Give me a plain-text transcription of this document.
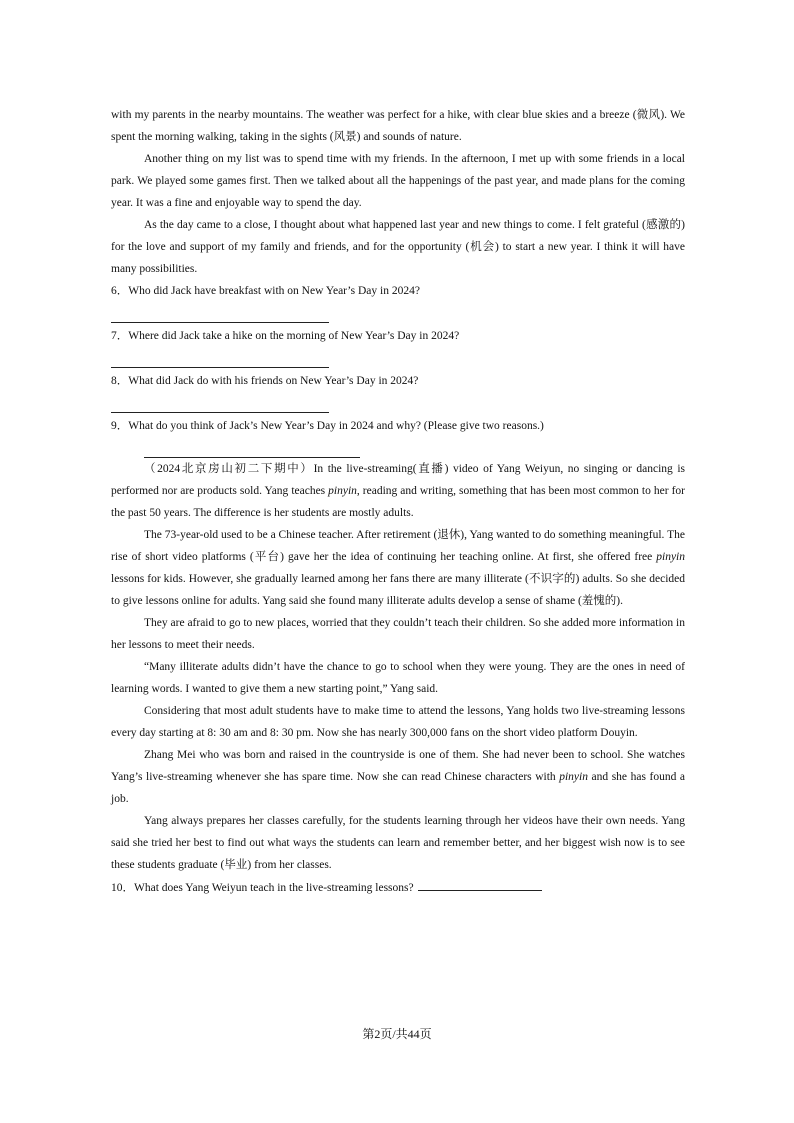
with my parents in the nearby mountains. The weather was perfect for a hike, with clear blue skies and a breeze (微风). We spent the morning walking, taking in the sights (风景) and sounds of nature.

Another thing on my list was to spend time with my friends. In the afternoon, I met up with some friends in a local park. We played some games first. Then we talked about all the happenings of the past year, and made plans for the coming year. It was a fine and enjoyable way to spend the day.

As the day came to a close, I thought about what happened last year and new things to come. I felt grateful (感激的) for the love and support of my family and friends, and for the opportunity (机会) to start a new year. I think it will have many possibilities.

6．Who did Jack have breakfast with on New Year’s Day in 2024?

7．Where did Jack take a hike on the morning of New Year’s Day in 2024?

8．What did Jack do with his friends on New Year’s Day in 2024?

9．What do you think of Jack’s New Year’s Day in 2024 and why? (Please give two reasons.)

（2024北京房山初二下期中）In the live-streaming(直播) video of Yang Weiyun, no singing or dancing is performed nor are products sold. Yang teaches pinyin, reading and writing, something that has been most common to her for the past 50 years. The difference is her students are mostly adults.

The 73-year-old used to be a Chinese teacher. After retirement (退休), Yang wanted to do something meaningful. The rise of short video platforms (平台) gave her the idea of continuing her teaching online. At first, she offered free pinyin lessons for kids. However, she gradually learned among her fans there are many illiterate (不识字的) adults. So she decided to give lessons online for adults. Yang said she found many illiterate adults develop a sense of shame (羞愧的).

They are afraid to go to new places, worried that they couldn’t teach their children. So she added more information in her lessons to meet their needs.

“Many illiterate adults didn’t have the chance to go to school when they were young. They are the ones in need of learning words. I wanted to give them a new starting point,” Yang said.

Considering that most adult students have to make time to attend the lessons, Yang holds two live-streaming lessons every day starting at 8: 30 am and 8: 30 pm. Now she has nearly 300,000 fans on the short video platform Douyin.

Zhang Mei who was born and raised in the countryside is one of them. She had never been to school. She watches Yang’s live-streaming whenever she has spare time. Now she can read Chinese characters with pinyin and she has found a job.

Yang always prepares her classes carefully, for the students learning through her videos have their own needs. Yang said she tried her best to find out what ways the students can learn and remember better, and her biggest wish now is to see these students graduate (毕业) from her classes.

10．What does Yang Weiyun teach in the live-streaming lessons?

第2页/共44页
